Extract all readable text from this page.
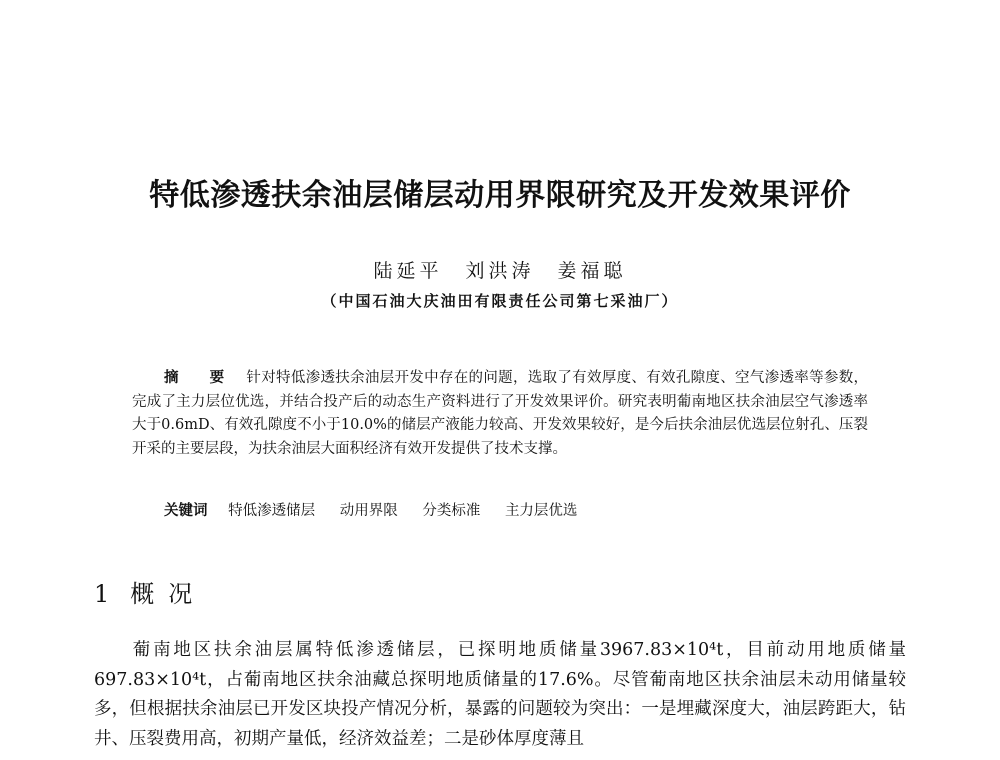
特低渗透扶余油层储层动用界限研究及开发效果评价
陆延平　刘洪涛　姜福聪
（中国石油大庆油田有限责任公司第七采油厂）
摘　要 针对特低渗透扶余油层开发中存在的问题，选取了有效厚度、有效孔隙度、空气渗透率等参数，完成了主力层位优选，并结合投产后的动态生产资料进行了开发效果评价。研究表明葡南地区扶余油层空气渗透率大于0.6mD、有效孔隙度不小于10.0%的储层产液能力较高、开发效果较好，是今后扶余油层优选层位射孔、压裂开采的主要层段，为扶余油层大面积经济有效开发提供了技术支撑。
关键词 特低渗透储层 动用界限 分类标准 主力层优选
1 概况
葡南地区扶余油层属特低渗透储层，已探明地质储量3967.83×10⁴t，目前动用地质储量697.83×10⁴t，占葡南地区扶余油藏总探明地质储量的17.6%。尽管葡南地区扶余油层未动用储量较多，但根据扶余油层已开发区块投产情况分析，暴露的问题较为突出：一是埋藏深度大，油层跨距大，钻井、压裂费用高，初期产量低，经济效益差；二是砂体厚度薄且
